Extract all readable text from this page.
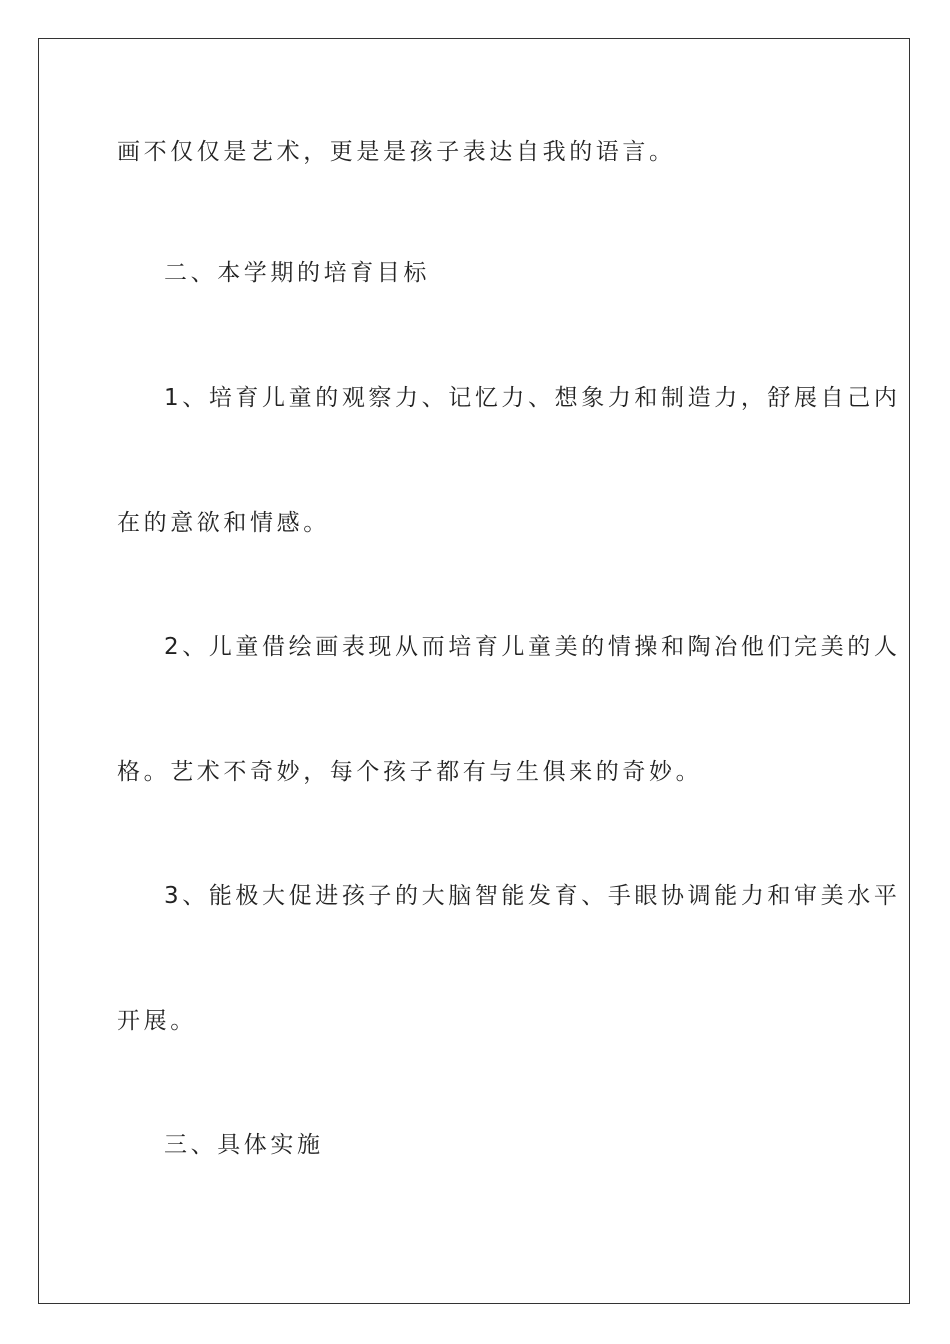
画不仅仅是艺术，更是是孩子表达自我的语言。
二、本学期的培育目标
1、培育儿童的观察力、记忆力、想象力和制造力，舒展自己内
在的意欲和情感。
2、儿童借绘画表现从而培育儿童美的情操和陶冶他们完美的人
格。艺术不奇妙，每个孩子都有与生俱来的奇妙。
3、能极大促进孩子的大脑智能发育、手眼协调能力和审美水平
开展。
三、具体实施
